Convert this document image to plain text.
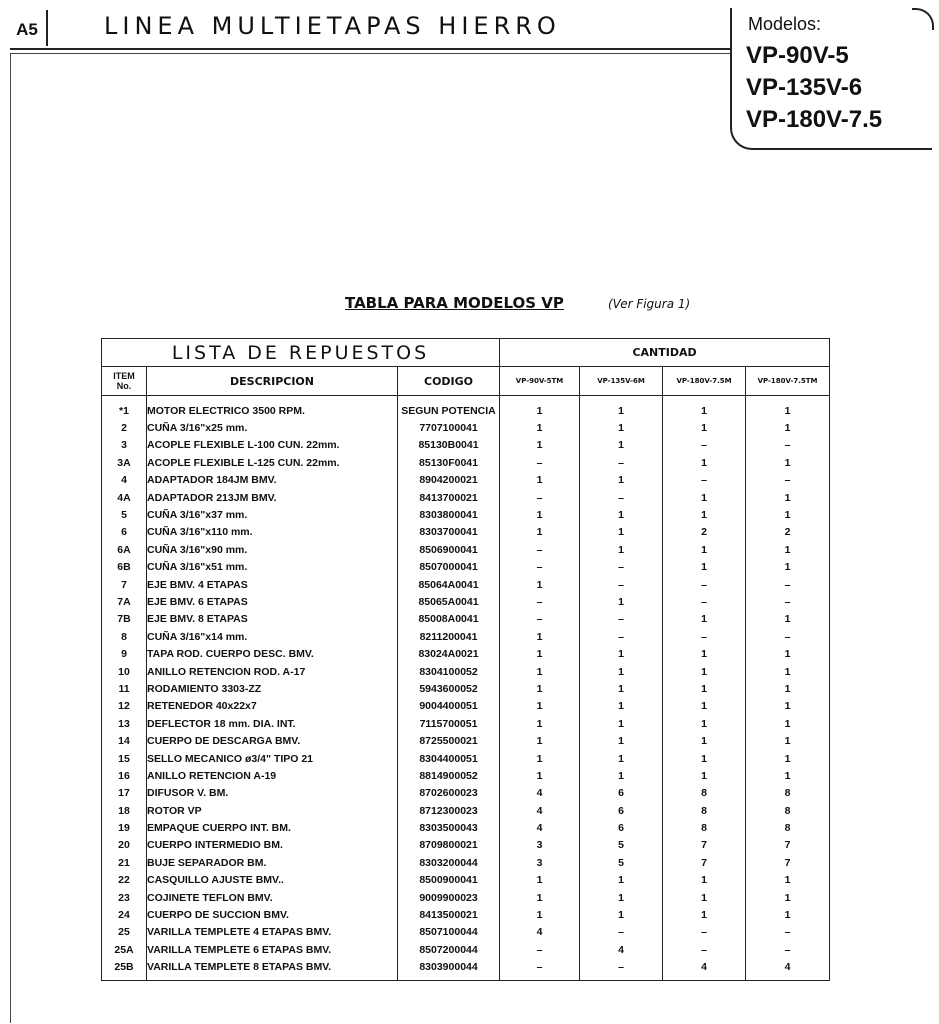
A5	LINEA MULTIETAPAS HIERRO	Modelos:
VP-90V-5
VP-135V-6
VP-180V-7.5
TABLA PARA MODELOS VP	(Ver Figura 1)
LISTA DE REPUESTOS			CANTIDAD			

ITEM
No.	DESCRIPCION	CODIGO	VP-90V-5TM	VP-135V-6M	VP-180V-7.5M	VP-180V-7.5TM
*1	MOTOR ELECTRICO 3500 RPM.	SEGUN POTENCIA	1	1	1	1
2	CUÑA 3/16"x25 mm.	7707100041	1	1	1	1
3	ACOPLE FLEXIBLE L-100 CUN. 22mm.	85130B0041	1	1	–	–
3A	ACOPLE FLEXIBLE L-125 CUN. 22mm.	85130F0041	–	–	1	1
4	ADAPTADOR 184JM BMV.	8904200021	1	1	–	–
4A	ADAPTADOR 213JM BMV.	8413700021	–	–	1	1
5	CUÑA 3/16"x37 mm.	8303800041	1	1	1	1
6	CUÑA 3/16"x110 mm.	8303700041	1	1	2	2
6A	CUÑA 3/16"x90 mm.	8506900041	–	1	1	1
6B	CUÑA 3/16"x51 mm.	8507000041	–	–	1	1
7	EJE BMV. 4 ETAPAS	85064A0041	1	–	–	–
7A	EJE BMV. 6 ETAPAS	85065A0041	–	1	–	–
7B	EJE BMV. 8 ETAPAS	85008A0041	–	–	1	1
8	CUÑA 3/16"x14 mm.	8211200041	1	–	–	–
9	TAPA ROD. CUERPO DESC. BMV.	83024A0021	1	1	1	1
10	ANILLO RETENCION ROD. A-17	8304100052	1	1	1	1
11	RODAMIENTO 3303-ZZ	5943600052	1	1	1	1
12	RETENEDOR 40x22x7	9004400051	1	1	1	1
13	DEFLECTOR 18 mm. DIA. INT.	7115700051	1	1	1	1
14	CUERPO DE DESCARGA BMV.	8725500021	1	1	1	1
15	SELLO MECANICO ø3/4" TIPO 21	8304400051	1	1	1	1
16	ANILLO RETENCION A-19	8814900052	1	1	1	1
17	DIFUSOR V. BM.	8702600023	4	6	8	8
18	ROTOR VP	8712300023	4	6	8	8
19	EMPAQUE CUERPO INT. BM.	8303500043	4	6	8	8
20	CUERPO INTERMEDIO BM.	8709800021	3	5	7	7
21	BUJE SEPARADOR BM.	8303200044	3	5	7	7
22	CASQUILLO AJUSTE BMV..	8500900041	1	1	1	1
23	COJINETE TEFLON BMV.	9009900023	1	1	1	1
24	CUERPO DE SUCCION BMV.	8413500021	1	1	1	1
25	VARILLA TEMPLETE 4 ETAPAS BMV.	8507100044	4	–	–	–
25A	VARILLA TEMPLETE 6 ETAPAS BMV.	8507200044	–	4	–	–
25B	VARILLA TEMPLETE 8 ETAPAS BMV.	8303900044	–	–	4	4
